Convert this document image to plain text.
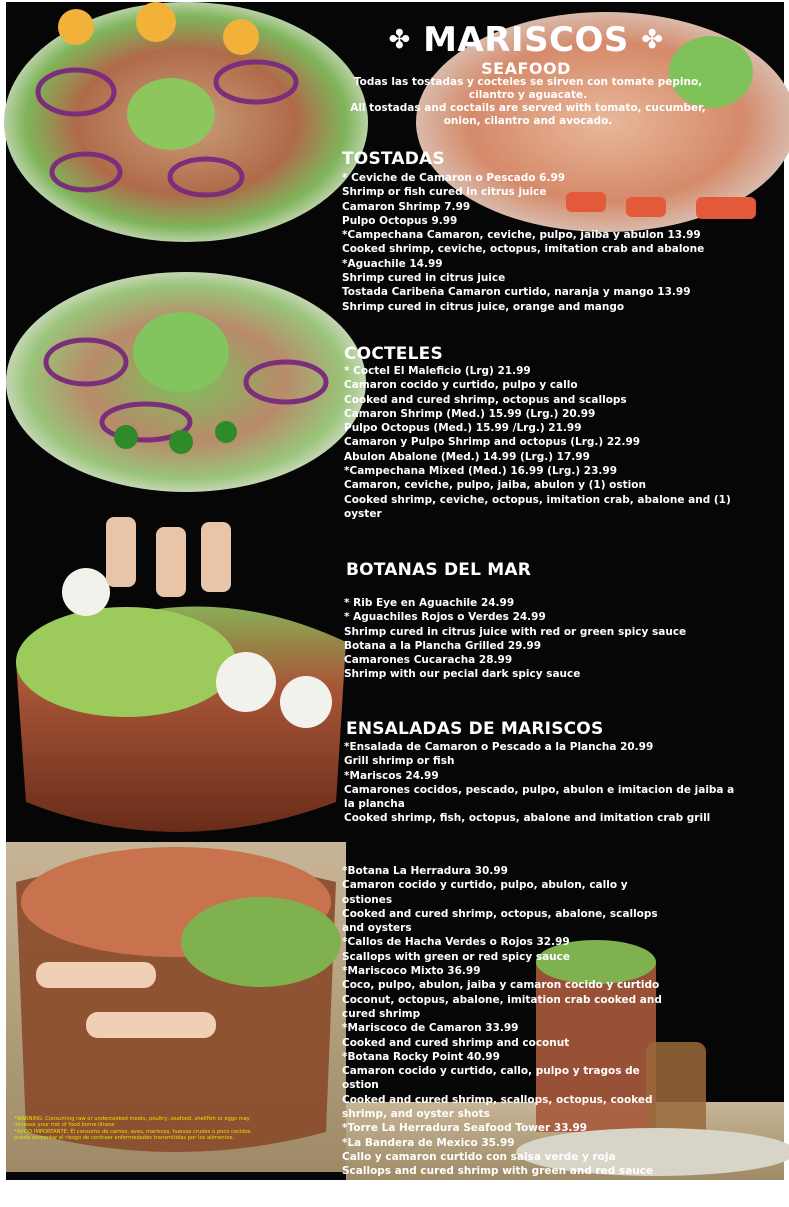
✤ MARISCOS ✤
SEAFOOD
Todas las tostadas y cocteles se sirven con tomate pepino, cilantro y aguacate.
All tostadas and coctails are served with tomato, cucumber, onion, cilantro and avocado.
TOSTADAS
* Ceviche de Camaron o Pescado 6.99
Shrimp or fish cured in citrus juice
Camaron Shrimp 7.99
Pulpo Octopus 9.99
*Campechana Camaron, ceviche, pulpo, jaiba y abulon 13.99
Cooked shrimp, ceviche, octopus, imitation crab and abalone
*Aguachile 14.99
Shrimp cured in citrus juice
Tostada Caribeña Camaron curtido, naranja y mango 13.99
Shrimp cured in citrus juice, orange and mango
COCTELES
* Coctel El Maleficio (Lrg) 21.99
Camaron cocido y curtido, pulpo y callo
Cooked and cured shrimp, octopus and scallops
Camaron Shrimp (Med.) 15.99 (Lrg.) 20.99
Pulpo Octopus (Med.) 15.99 /Lrg.) 21.99
Camaron y Pulpo Shrimp and octopus (Lrg.) 22.99
Abulon Abalone (Med.) 14.99 (Lrg.) 17.99
*Campechana Mixed (Med.) 16.99 (Lrg.) 23.99
Camaron, ceviche, pulpo, jaiba, abulon y (1) ostion
Cooked shrimp, ceviche, octopus, imitation crab, abalone and (1) oyster
BOTANAS DEL MAR
* Rib Eye en Aguachile 24.99
* Aguachiles Rojos o Verdes 24.99
Shrimp cured in citrus juice with red or green spicy sauce
Botana a la Plancha Grilled 29.99
Camarones Cucaracha 28.99
Shrimp with our pecial dark spicy sauce
ENSALADAS DE MARISCOS
*Ensalada de Camaron o Pescado a la Plancha 20.99
Grill shrimp or fish
*Mariscos 24.99
Camarones cocidos, pescado, pulpo, abulon e imitacion de jaiba a la plancha
Cooked shrimp, fish, octopus, abalone and imitation crab grill
*Botana La Herradura 30.99
Camaron cocido y curtido, pulpo, abulon, callo y ostiones
Cooked and cured shrimp, octopus, abalone, scallops and oysters
*Callos de Hacha Verdes o Rojos 32.99
Scallops with green or red spicy sauce
*Mariscoco Mixto 36.99
Coco, pulpo, abulon, jaiba y camaron cocido y curtido
Coconut, octopus, abalone, imitation crab cooked and cured shrimp
*Mariscoco de Camaron 33.99
Cooked and cured shrimp and coconut
*Botana Rocky Point 40.99
Camaron cocido y curtido, callo, pulpo y tragos de ostion
Cooked and cured shrimp, scallops, octopus, cooked shrimp, and oyster shots
*Torre La Herradura Seafood Tower 33.99
*La Bandera de Mexico 35.99
Callo y camaron curtido con salsa verde y roja
Scallops and cured shrimp with green and red sauce
*Fiesta de Cervezas 60.99
(6) Beer with mixed seafood and chips
*WARNING: Consuming raw or undercooked meats, poultry, seafood, shellfish or eggs may increase your risk of food borne illness
*AVISO IMPORTANTE: El consumo de carnes, aves, mariscos, huevos crudos o poco cocidos puede aumentar el riesgo de contraer enfermedades transmitidas por los alimentos.
